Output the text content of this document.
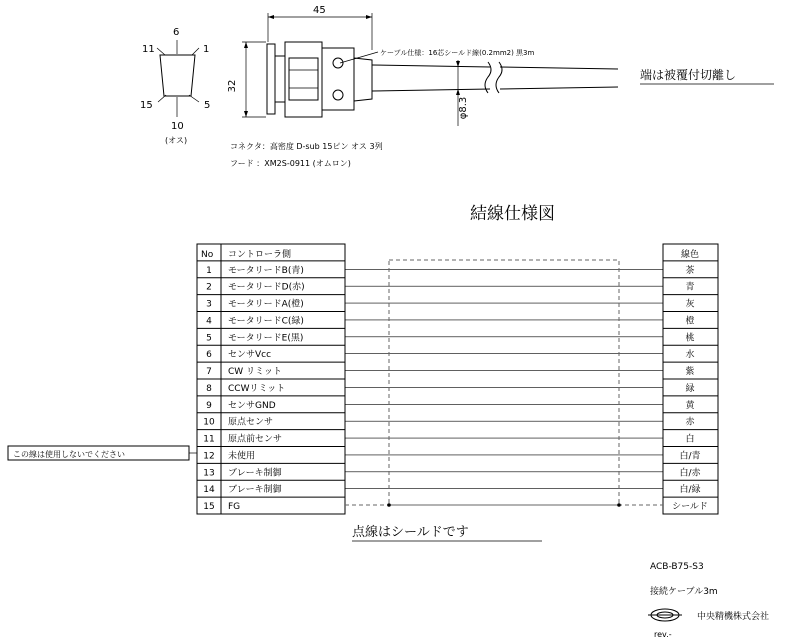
6
11	1
15	5
10
(オス)
45
32
φ8.3
ケーブル仕様：16芯シールド線(0.2mm2) 黒3m
端は被覆付切離し
コネクタ：高密度 D-sub 15ピン オス 3列
フード ：XM2S-0911 (オムロン)
結線仕様図
1 モータリードB(青)
2 モータリードD(赤)
3 モータリードA(橙)
4 モータリードC(緑)
5 モータリードE(黒)
6 センサVcc
7 CW リミット
8 CCWリミット
9 センサGND
10 原点センサ
11 原点前センサ
12 未使用
13 ブレーキ制御
14 ブレーキ制御
15 FG
No コントローラ側
茶
青
灰
橙
桃
水
紫
緑
黄
赤
白
白/青
白/赤
白/緑
シールド
線色
この線は使用しないでください
点線はシールドです
ACB-B75-S3
接続ケーブル3m
中央精機株式会社
rev.-
